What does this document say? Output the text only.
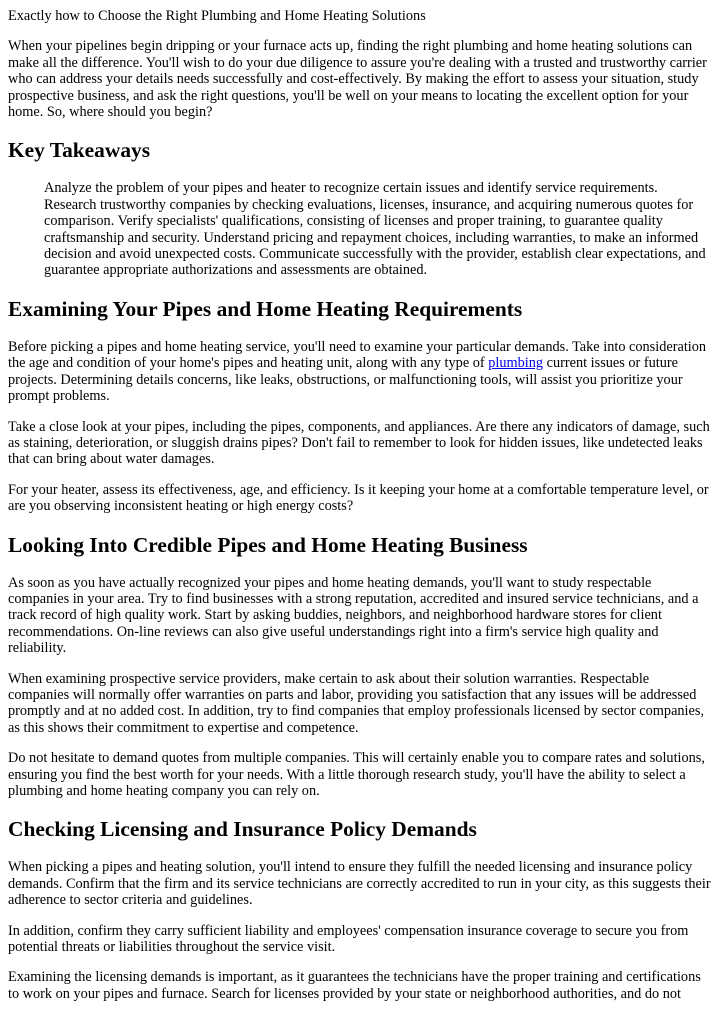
Exactly how to Choose the Right Plumbing and Home Heating Solutions

When your pipelines begin dripping or your furnace acts up, finding the right plumbing and home heating solutions can make all the difference. You'll wish to do your due diligence to assure you're dealing with a trusted and trustworthy carrier who can address your details needs successfully and cost-effectively. By making the effort to assess your situation, study prospective business, and ask the right questions, you'll be well on your means to locating the excellent option for your home. So, where should you begin?

Key Takeaways
Analyze the problem of your pipes and heater to recognize certain issues and identify service requirements. Research trustworthy companies by checking evaluations, licenses, insurance, and acquiring numerous quotes for comparison. Verify specialists' qualifications, consisting of licenses and proper training, to guarantee quality craftsmanship and security. Understand pricing and repayment choices, including warranties, to make an informed decision and avoid unexpected costs. Communicate successfully with the provider, establish clear expectations, and guarantee appropriate authorizations and assessments are obtained.
Examining Your Pipes and Home Heating Requirements

Before picking a pipes and home heating service, you'll need to examine your particular demands. Take into consideration the age and condition of your home's pipes and heating unit, along with any type of plumbing current issues or future projects. Determining details concerns, like leaks, obstructions, or malfunctioning tools, will assist you prioritize your prompt problems.

Take a close look at your pipes, including the pipes, components, and appliances. Are there any indicators of damage, such as staining, deterioration, or sluggish drains pipes? Don't fail to remember to look for hidden issues, like undetected leaks that can bring about water damages.

For your heater, assess its effectiveness, age, and efficiency. Is it keeping your home at a comfortable temperature level, or are you observing inconsistent heating or high energy costs?

Looking Into Credible Pipes and Home Heating Business

As soon as you have actually recognized your pipes and home heating demands, you'll want to study respectable companies in your area. Try to find businesses with a strong reputation, accredited and insured service technicians, and a track record of high quality work. Start by asking buddies, neighbors, and neighborhood hardware stores for client recommendations. On-line reviews can also give useful understandings right into a firm's service high quality and reliability.

When examining prospective service providers, make certain to ask about their solution warranties. Respectable companies will normally offer warranties on parts and labor, providing you satisfaction that any issues will be addressed promptly and at no added cost. In addition, try to find companies that employ professionals licensed by sector companies, as this shows their commitment to expertise and competence.

Do not hesitate to demand quotes from multiple companies. This will certainly enable you to compare rates and solutions, ensuring you find the best worth for your needs. With a little thorough research study, you'll have the ability to select a plumbing and home heating company you can rely on.

Checking Licensing and Insurance Policy Demands

When picking a pipes and heating solution, you'll intend to ensure they fulfill the needed licensing and insurance policy demands. Confirm that the firm and its service technicians are correctly accredited to run in your city, as this suggests their adherence to sector criteria and guidelines.

In addition, confirm they carry sufficient liability and employees' compensation insurance coverage to secure you from potential threats or liabilities throughout the service visit.

Examining the licensing demands is important, as it guarantees the technicians have the proper training and certifications to work on your pipes and furnace. Search for licenses provided by your state or neighborhood authorities, and do not
